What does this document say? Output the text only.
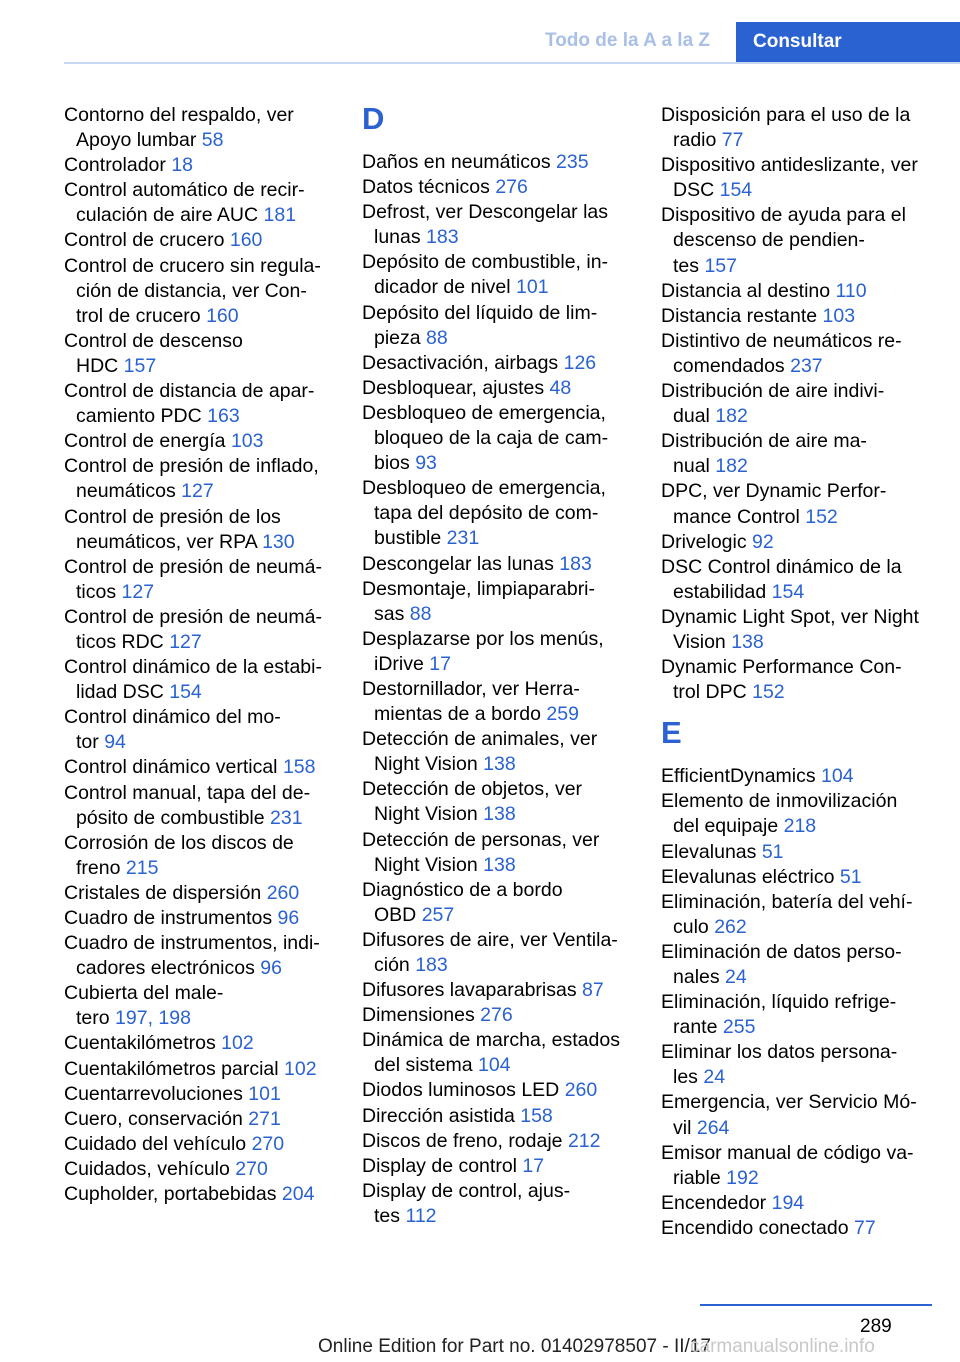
Todo de la A a la Z	Consultar
Contorno del respaldo, ver
Apoyo lumbar 58
Controlador 18
Control automático de recir-
culación de aire AUC 181
Control de crucero 160
Control de crucero sin regula-
ción de distancia, ver Con-
trol de crucero 160
Control de descenso
HDC 157
Control de distancia de apar-
camiento PDC 163
Control de energía 103
Control de presión de inflado,
neumáticos 127
Control de presión de los
neumáticos, ver RPA 130
Control de presión de neumá-
ticos 127
Control de presión de neumá-
ticos RDC 127
Control dinámico de la estabi-
lidad DSC 154
Control dinámico del mo-
tor 94
Control dinámico vertical 158
Control manual, tapa del de-
pósito de combustible 231
Corrosión de los discos de
freno 215
Cristales de dispersión 260
Cuadro de instrumentos 96
Cuadro de instrumentos, indi-
cadores electrónicos 96
Cubierta del male-
tero 197, 198
Cuentakilómetros 102
Cuentakilómetros parcial 102
Cuentarrevoluciones 101
Cuero, conservación 271
Cuidado del vehículo 270
Cuidados, vehículo 270
Cupholder, portabebidas 204
D
Daños en neumáticos 235
Datos técnicos 276
Defrost, ver Descongelar las
lunas 183
Depósito de combustible, in-
dicador de nivel 101
Depósito del líquido de lim-
pieza 88
Desactivación, airbags 126
Desbloquear, ajustes 48
Desbloqueo de emergencia,
bloqueo de la caja de cam-
bios 93
Desbloqueo de emergencia,
tapa del depósito de com-
bustible 231
Descongelar las lunas 183
Desmontaje, limpiaparabri-
sas 88
Desplazarse por los menús,
iDrive 17
Destornillador, ver Herra-
mientas de a bordo 259
Detección de animales, ver
Night Vision 138
Detección de objetos, ver
Night Vision 138
Detección de personas, ver
Night Vision 138
Diagnóstico de a bordo
OBD 257
Difusores de aire, ver Ventila-
ción 183
Difusores lavaparabrisas 87
Dimensiones 276
Dinámica de marcha, estados
del sistema 104
Diodos luminosos LED 260
Dirección asistida 158
Discos de freno, rodaje 212
Display de control 17
Display de control, ajus-
tes 112
Disposición para el uso de la
radio 77
Dispositivo antideslizante, ver
DSC 154
Dispositivo de ayuda para el
descenso de pendien-
tes 157
Distancia al destino 110
Distancia restante 103
Distintivo de neumáticos re-
comendados 237
Distribución de aire indivi-
dual 182
Distribución de aire ma-
nual 182
DPC, ver Dynamic Perfor-
mance Control 152
Drivelogic 92
DSC Control dinámico de la
estabilidad 154
Dynamic Light Spot, ver Night
Vision 138
Dynamic Performance Con-
trol DPC 152
E
EfficientDynamics 104
Elemento de inmovilización
del equipaje 218
Elevalunas 51
Elevalunas eléctrico 51
Eliminación, batería del vehí-
culo 262
Eliminación de datos perso-
nales 24
Eliminación, líquido refrige-
rante 255
Eliminar los datos persona-
les 24
Emergencia, ver Servicio Mó-
vil 264
Emisor manual de código va-
riable 192
Encendedor 194
Encendido conectado 77
289
Online Edition for Part no. 01402978507 - II/17
carmanualsonline.info
